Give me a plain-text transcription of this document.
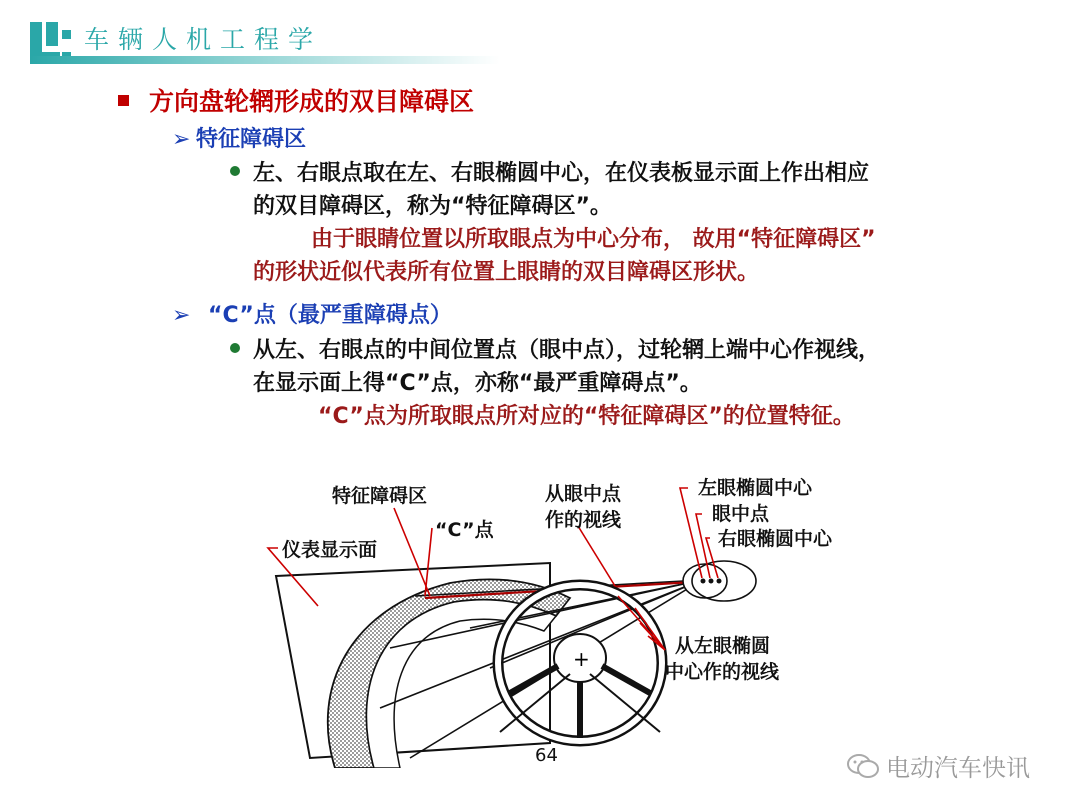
车辆人机工程学
方向盘轮辋形成的双目障碍区
➢ 特征障碍区
左、右眼点取在左、右眼椭圆中心，在仪表板显示面上作出相应
的双目障碍区，称为“特征障碍区”。
由于眼睛位置以所取眼点为中心分布， 故用“特征障碍区”
的形状近似代表所有位置上眼睛的双目障碍区形状。
➢ “C”点（最严重障碍点）
从左、右眼点的中间位置点（眼中点），过轮辋上端中心作视线，
在显示面上得“C”点，亦称“最严重障碍点”。
“C”点为所取眼点所对应的“特征障碍区”的位置特征。
+
特征障碍区
“C”点
仪表显示面
从眼中点
作的视线
左眼椭圆中心
眼中点
右眼椭圆中心
从左眼椭圆
中心作的视线
64	电动汽车快讯
